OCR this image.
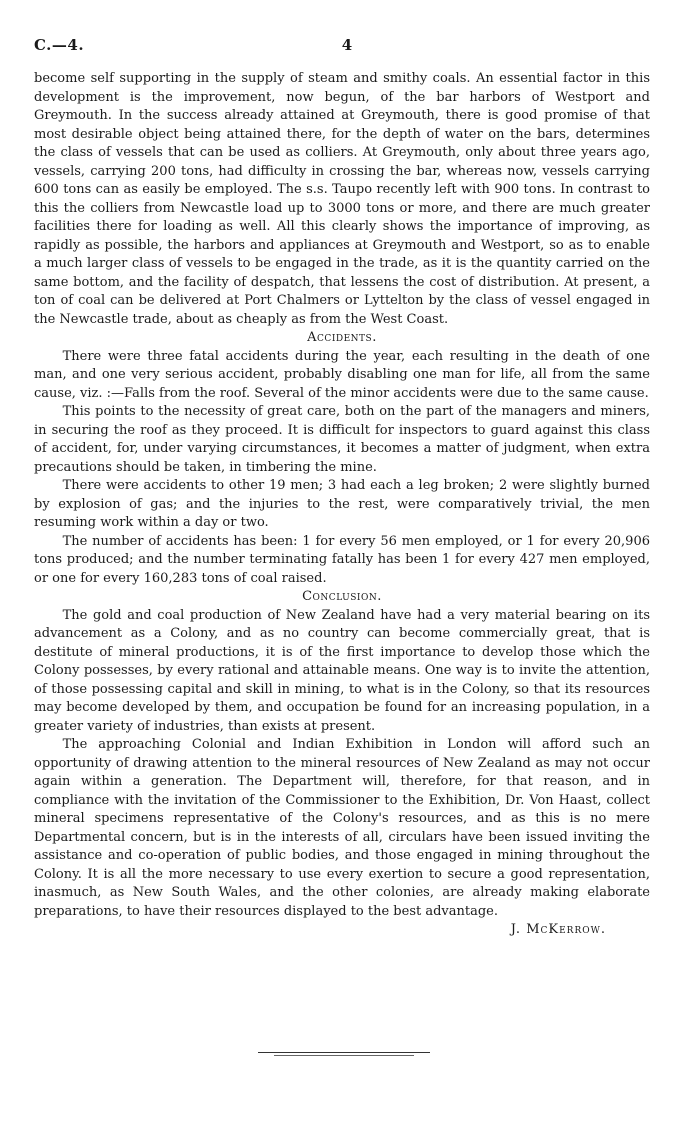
4
C.—4.

become self supporting in the supply of steam and smithy coals. An essential factor in this development is the improvement, now begun, of the bar harbors of Westport and Greymouth. In the success already attained at Greymouth, there is good promise of that most desirable object being attained there, for the depth of water on the bars, determines the class of vessels that can be used as colliers. At Greymouth, only about three years ago, vessels, carrying 200 tons, had difficulty in crossing the bar, whereas now, vessels carrying 600 tons can as easily be employed. The s.s. Taupo recently left with 900 tons. In contrast to this the colliers from Newcastle load up to 3000 tons or more, and there are much greater facilities there for loading as well. All this clearly shows the importance of improving, as rapidly as possible, the harbors and appliances at Greymouth and Westport, so as to enable a much larger class of vessels to be engaged in the trade, as it is the quantity carried on the same bottom, and the facility of despatch, that lessens the cost of distribution. At present, a ton of coal can be delivered at Port Chalmers or Lyttelton by the class of vessel engaged in the Newcastle trade, about as cheaply as from the West Coast.

Accidents.

There were three fatal accidents during the year, each resulting in the death of one man, and one very serious accident, probably disabling one man for life, all from the same cause, viz. :—Falls from the roof. Several of the minor accidents were due to the same cause.

This points to the necessity of great care, both on the part of the managers and miners, in securing the roof as they proceed. It is difficult for inspectors to guard against this class of accident, for, under varying circumstances, it becomes a matter of judgment, when extra precautions should be taken, in timbering the mine.

There were accidents to other 19 men; 3 had each a leg broken; 2 were slightly burned by explosion of gas; and the injuries to the rest, were comparatively trivial, the men resuming work within a day or two.

The number of accidents has been: 1 for every 56 men employed, or 1 for every 20,906 tons produced; and the number terminating fatally has been 1 for every 427 men employed, or one for every 160,283 tons of coal raised.

Conclusion.

The gold and coal production of New Zealand have had a very material bearing on its advancement as a Colony, and as no country can become commercially great, that is destitute of mineral productions, it is of the first importance to develop those which the Colony possesses, by every rational and attainable means. One way is to invite the attention, of those possessing capital and skill in mining, to what is in the Colony, so that its resources may become developed by them, and occupation be found for an increasing population, in a greater variety of industries, than exists at present.

The approaching Colonial and Indian Exhibition in London will afford such an opportunity of drawing attention to the mineral resources of New Zealand as may not occur again within a generation. The Department will, therefore, for that reason, and in compliance with the invitation of the Commissioner to the Exhibition, Dr. Von Haast, collect mineral specimens representative of the Colony's resources, and as this is no mere Departmental concern, but is in the interests of all, circulars have been issued inviting the assistance and co-operation of public bodies, and those engaged in mining throughout the Colony. It is all the more necessary to use every exertion to secure a good representation, inasmuch, as New South Wales, and the other colonies, are already making elaborate preparations, to have their resources displayed to the best advantage.

J. McKerrow.
